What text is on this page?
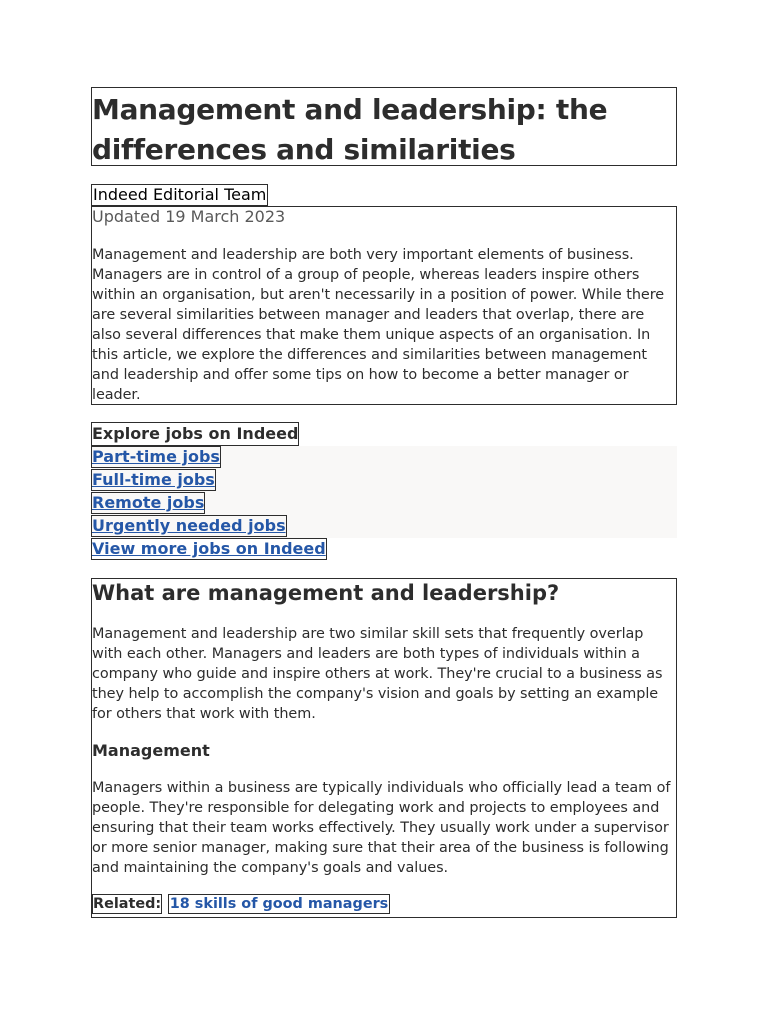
Management and leadership: the differences and similarities
Indeed Editorial Team

Updated 19 March 2023

Management and leadership are both very important elements of business. Managers are in control of a group of people, whereas leaders inspire others within an organisation, but aren't necessarily in a position of power. While there are several similarities between manager and leaders that overlap, there are also several differences that make them unique aspects of an organisation. In this article, we explore the differences and similarities between management and leadership and offer some tips on how to become a better manager or leader.

Explore jobs on Indeed
Part-time jobs
Full-time jobs
Remote jobs
Urgently needed jobs
View more jobs on Indeed
What are management and leadership?

Management and leadership are two similar skill sets that frequently overlap with each other. Managers and leaders are both types of individuals within a company who guide and inspire others at work. They're crucial to a business as they help to accomplish the company's vision and goals by setting an example for others that work with them.

Management

Managers within a business are typically individuals who officially lead a team of people. They're responsible for delegating work and projects to employees and ensuring that their team works effectively. They usually work under a supervisor or more senior manager, making sure that their area of the business is following and maintaining the company's goals and values.

Related: 18 skills of good managers
